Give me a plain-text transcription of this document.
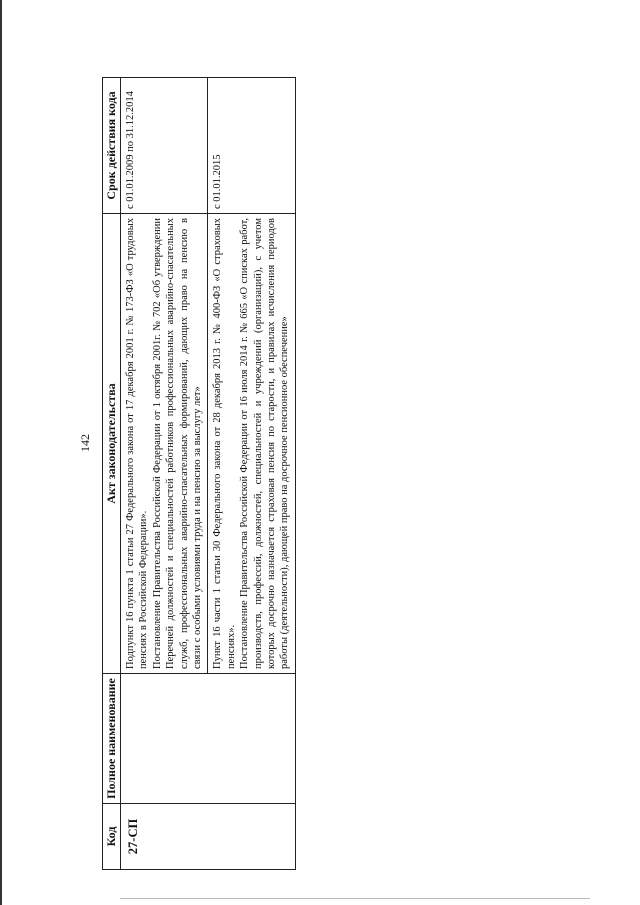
142
Код	Полное наименование	Акт законодательства	Срок действия кода
27-СП		Подпункт 16 пункта 1 статьи 27 Федерального закона от 17 декабря 2001 г. № 173-ФЗ «О трудовых пенсиях в Российской Федерации». Постановление Правительства Российской Федерации от 1 октября 2001г. № 702 «Об утверждении Перечней должностей и специальностей работников профессиональных аварийно-спасательных служб, профессиональных аварийно-спасательных формирований, дающих право на пенсию в связи с особыми условиями труда и на пенсию за выслугу лет»	с 01.01.2009 по 31.12.2014

		Пункт 16 части 1 статьи 30 Федерального закона от 28 декабря 2013 г. № 400-ФЗ «О страховых пенсиях». Постановление Правительства Российской Федерации от 16 июля 2014 г. № 665 «О списках работ, производств, профессий, должностей, специальностей и учреждений (организаций), с учетом которых досрочно назначается страховая пенсия по старости, и правилах исчисления периодов работы (деятельности), дающей право на досрочное пенсионное обеспечение»	с 01.01.2015
